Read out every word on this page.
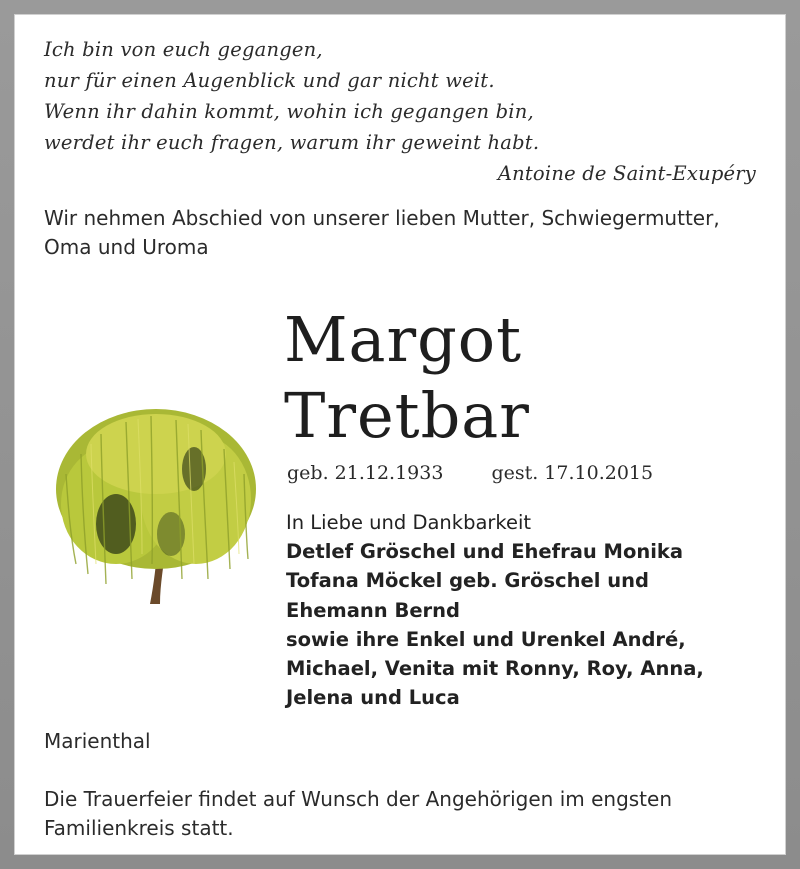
Ich bin von euch gegangen,
nur für einen Augenblick und gar nicht weit.
Wenn ihr dahin kommt, wohin ich gegangen bin,
werdet ihr euch fragen, warum ihr geweint habt.
Antoine de Saint-Exupéry
Wir nehmen Abschied von unserer lieben Mutter, Schwiegermutter,
Oma und Uroma
Margot
Tretbar
geb. 21.12.1933	gest. 17.10.2015
In Liebe und Dankbarkeit
Detlef Gröschel und Ehefrau Monika
Tofana Möckel geb. Gröschel und
Ehemann Bernd
sowie ihre Enkel und Urenkel André,
Michael, Venita mit Ronny, Roy, Anna,
Jelena und Luca
Marienthal
Die Trauerfeier findet auf Wunsch der Angehörigen im engsten
Familienkreis statt.
